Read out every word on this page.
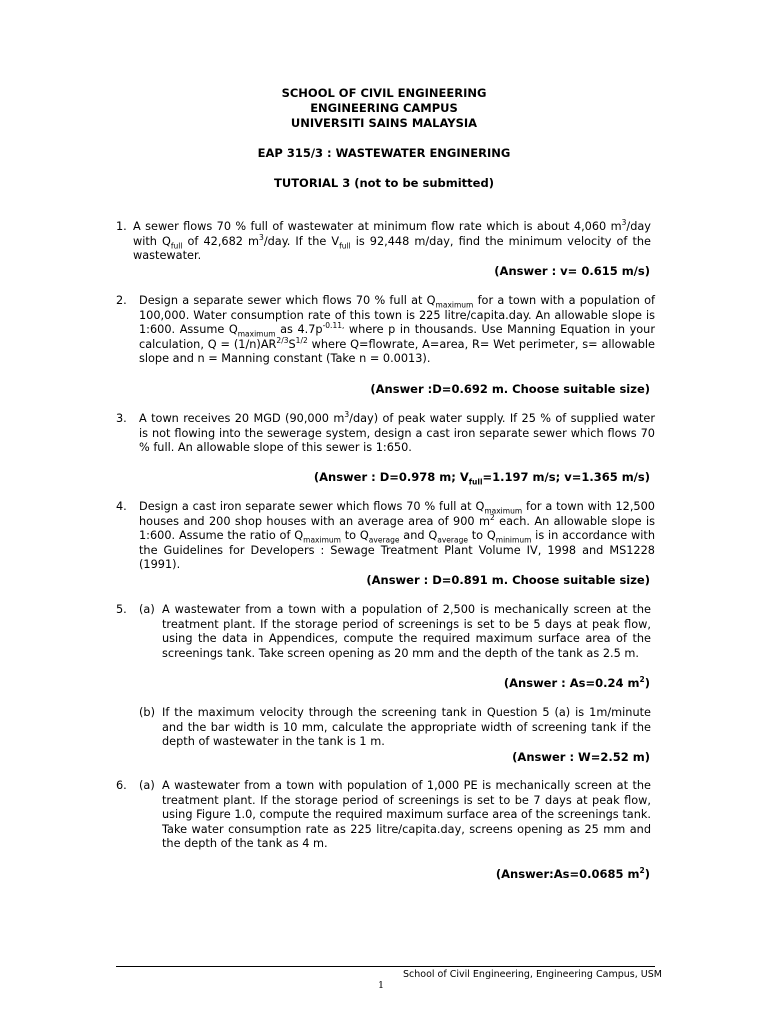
SCHOOL OF CIVIL ENGINEERING
ENGINEERING CAMPUS
UNIVERSITI SAINS MALAYSIA
EAP 315/3 : WASTEWATER ENGINERING
TUTORIAL 3 (not to be submitted)
1. A sewer flows 70 % full of wastewater at minimum flow rate which is about 4,060 $m^3$/day with $Q_{full}$ of 42,682 $m^3$/day. If the $V_{full}$ is 92,448 m/day, find the minimum velocity of the wastewater.
(Answer : v= 0.615 m/s)
2. Design a separate sewer which flows 70 % full at $Q_{maximum}$ for a town with a population of 100,000. Water consumption rate of this town is 225 litre/capita.day. An allowable slope is 1:600. Assume $Q_{maximum}$ as $4.7p^{-0.11,}$ where p in thousands. Use Manning Equation in your calculation, $Q = (1/n)AR^{2/3}S^{1/2}$ where Q=flowrate, A=area, R= Wet perimeter, s= allowable slope and n = Manning constant (Take n = 0.0013).
(Answer :D=0.692 m. Choose suitable size)
3. A town receives 20 MGD (90,000 $m^3/day$) of peak water supply. If 25 % of supplied water is not flowing into the sewerage system, design a cast iron separate sewer which flows 70 % full. An allowable slope of this sewer is 1:650.
(Answer : D=0.978 m; $V_{full}=1.197$ m/s; v=1.365 m/s)
4. Design a cast iron separate sewer which flows 70 % full at $Q_{maximum}$ for a town with 12,500 houses and 200 shop houses with an average area of 900 $m^2$ each. An allowable slope is 1:600. Assume the ratio of $Q_{maximum}$ to $Q_{average}$ and $Q_{average}$ to $Q_{minimum}$ is in accordance with the Guidelines for Developers : Sewage Treatment Plant Volume IV, 1998 and MS1228 (1991).
(Answer : D=0.891 m. Choose suitable size)
5. (a) A wastewater from a town with a population of 2,500 is mechanically screen at the treatment plant. If the storage period of screenings is set to be 5 days at peak flow, using the data in Appendices, compute the required maximum surface area of the screenings tank. Take screen opening as 20 mm and the depth of the tank as 2.5 m.
(Answer : As=0.24 $m^2$)
(b) If the maximum velocity through the screening tank in Question 5 (a) is 1m/minute and the bar width is 10 mm, calculate the appropriate width of screening tank if the depth of wastewater in the tank is 1 m.
(Answer : W=2.52 m)
6. (a) A wastewater from a town with population of 1,000 PE is mechanically screen at the treatment plant. If the storage period of screenings is set to be 7 days at peak flow, using Figure 1.0, compute the required maximum surface area of the screenings tank. Take water consumption rate as 225 litre/capita.day, screens opening as 25 mm and the depth of the tank as 4 m.
(Answer:As=0.0685 $m^2$)
School of Civil Engineering, Engineering Campus, USM
1
